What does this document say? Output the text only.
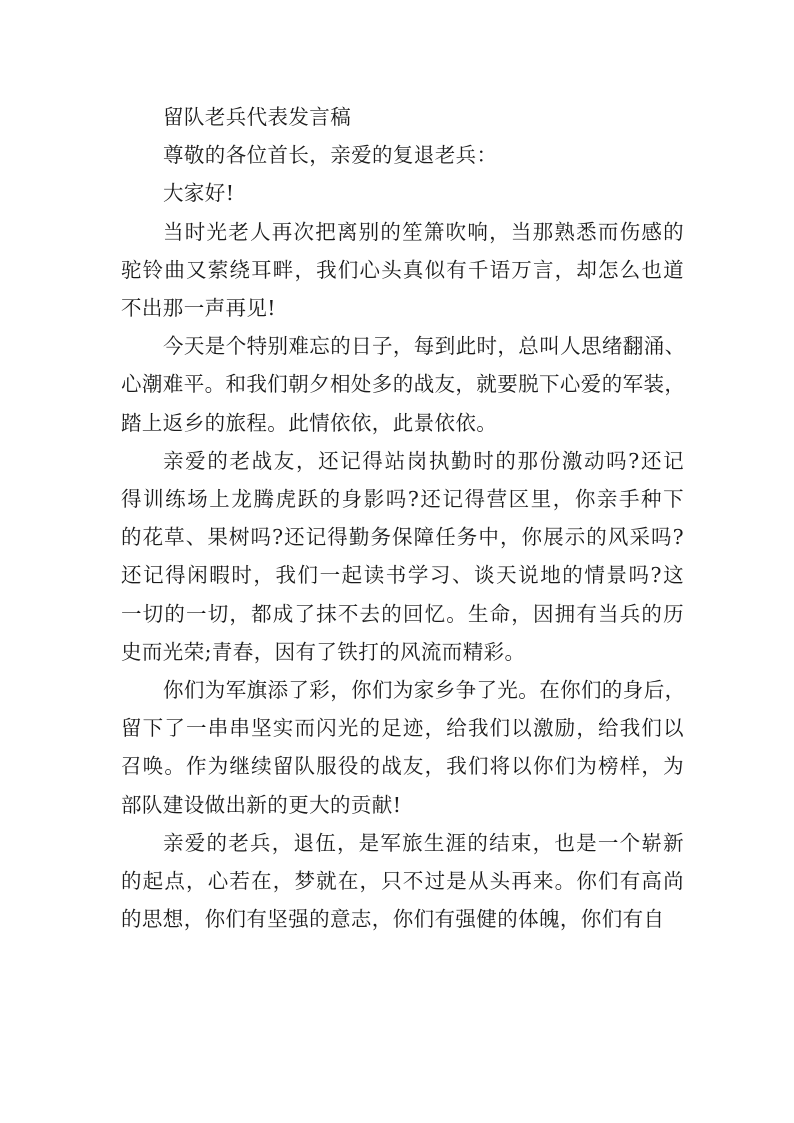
留队老兵代表发言稿

尊敬的各位首长，亲爱的复退老兵：

大家好!

当时光老人再次把离别的笙箫吹响，当那熟悉而伤感的
驼铃曲又萦绕耳畔，我们心头真似有千语万言，却怎么也道
不出那一声再见!
今天是个特别难忘的日子，每到此时，总叫人思绪翻涌、
心潮难平。和我们朝夕相处多的战友，就要脱下心爱的军装，
踏上返乡的旅程。此情依依，此景依依。
亲爱的老战友，还记得站岗执勤时的那份激动吗?还记
得训练场上龙腾虎跃的身影吗?还记得营区里，你亲手种下
的花草、果树吗?还记得勤务保障任务中，你展示的风采吗?
还记得闲暇时，我们一起读书学习、谈天说地的情景吗?这
一切的一切，都成了抹不去的回忆。生命，因拥有当兵的历
史而光荣;青春，因有了铁打的风流而精彩。
你们为军旗添了彩，你们为家乡争了光。在你们的身后，
留下了一串串坚实而闪光的足迹，给我们以激励，给我们以
召唤。作为继续留队服役的战友，我们将以你们为榜样，为
部队建设做出新的更大的贡献!
亲爱的老兵，退伍，是军旅生涯的结束，也是一个崭新
的起点，心若在，梦就在，只不过是从头再来。你们有高尚
的思想，你们有坚强的意志，你们有强健的体魄，你们有自
